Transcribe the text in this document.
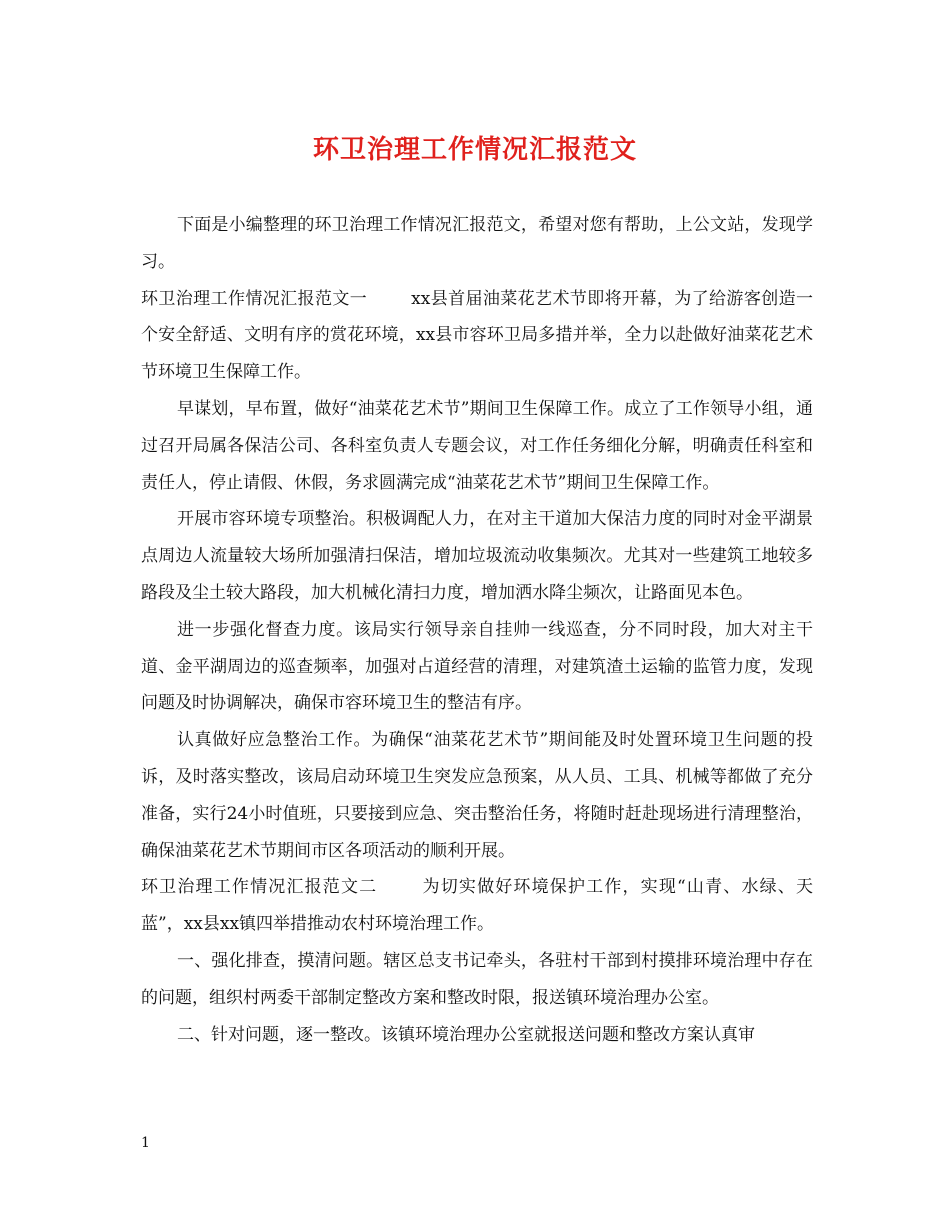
环卫治理工作情况汇报范文

下面是小编整理的环卫治理工作情况汇报范文，希望对您有帮助，上公文站，发现学习。

环卫治理工作情况汇报范文一	xx县首届油菜花艺术节即将开幕，为了给游客创造一个安全舒适、文明有序的赏花环境，xx县市容环卫局多措并举，全力以赴做好油菜花艺术节环境卫生保障工作。

早谋划，早布置，做好“油菜花艺术节”期间卫生保障工作。成立了工作领导小组，通过召开局属各保洁公司、各科室负责人专题会议，对工作任务细化分解，明确责任科室和责任人，停止请假、休假，务求圆满完成“油菜花艺术节”期间卫生保障工作。

开展市容环境专项整治。积极调配人力，在对主干道加大保洁力度的同时对金平湖景点周边人流量较大场所加强清扫保洁，增加垃圾流动收集频次。尤其对一些建筑工地较多路段及尘土较大路段，加大机械化清扫力度，增加洒水降尘频次，让路面见本色。

进一步强化督查力度。该局实行领导亲自挂帅一线巡查，分不同时段，加大对主干道、金平湖周边的巡查频率，加强对占道经营的清理，对建筑渣土运输的监管力度，发现问题及时协调解决，确保市容环境卫生的整洁有序。

认真做好应急整治工作。为确保“油菜花艺术节”期间能及时处置环境卫生问题的投诉，及时落实整改，该局启动环境卫生突发应急预案，从人员、工具、机械等都做了充分准备，实行24小时值班，只要接到应急、突击整治任务，将随时赶赴现场进行清理整治，确保油菜花艺术节期间市区各项活动的顺利开展。

环卫治理工作情况汇报范文二	为切实做好环境保护工作，实现“山青、水绿、天蓝”，xx县xx镇四举措推动农村环境治理工作。

一、强化排查，摸清问题。辖区总支书记牵头，各驻村干部到村摸排环境治理中存在的问题，组织村两委干部制定整改方案和整改时限，报送镇环境治理办公室。

二、针对问题，逐一整改。该镇环境治理办公室就报送问题和整改方案认真审

1
